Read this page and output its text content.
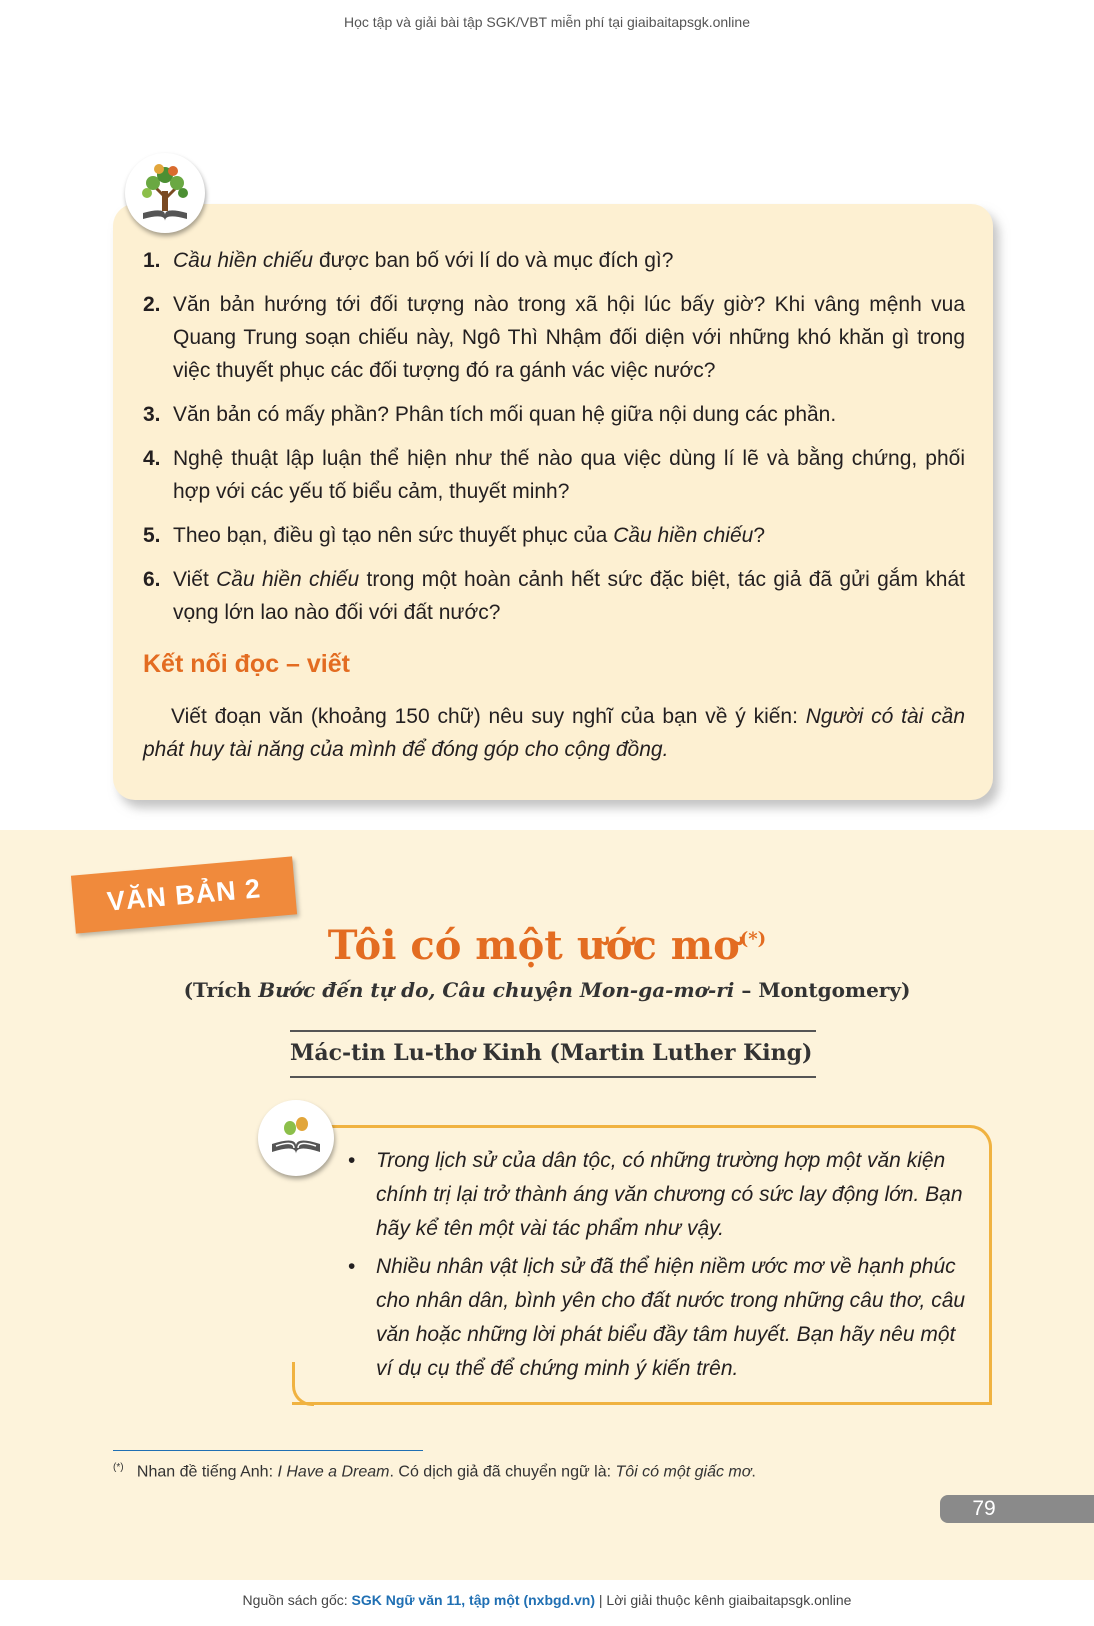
Học tập và giải bài tập SGK/VBT miễn phí tại giaibaitapsgk.online
1. Cầu hiền chiếu được ban bố với lí do và mục đích gì?
2. Văn bản hướng tới đối tượng nào trong xã hội lúc bấy giờ? Khi vâng mệnh vua Quang Trung soạn chiếu này, Ngô Thì Nhậm đối diện với những khó khăn gì trong việc thuyết phục các đối tượng đó ra gánh vác việc nước?
3. Văn bản có mấy phần? Phân tích mối quan hệ giữa nội dung các phần.
4. Nghệ thuật lập luận thể hiện như thế nào qua việc dùng lí lẽ và bằng chứng, phối hợp với các yếu tố biểu cảm, thuyết minh?
5. Theo bạn, điều gì tạo nên sức thuyết phục của Cầu hiền chiếu?
6. Viết Cầu hiền chiếu trong một hoàn cảnh hết sức đặc biệt, tác giả đã gửi gắm khát vọng lớn lao nào đối với đất nước?
Kết nối đọc – viết
Viết đoạn văn (khoảng 150 chữ) nêu suy nghĩ của bạn về ý kiến: Người có tài cần phát huy tài năng của mình để đóng góp cho cộng đồng.
VĂN BẢN 2
Tôi có một ước mơ(*)
(Trích Bước đến tự do, Câu chuyện Mon-ga-mơ-ri – Montgomery)
Mác-tin Lu-thơ Kinh (Martin Luther King)
• Trong lịch sử của dân tộc, có những trường hợp một văn kiện chính trị lại trở thành áng văn chương có sức lay động lớn. Bạn hãy kể tên một vài tác phẩm như vậy.
• Nhiều nhân vật lịch sử đã thể hiện niềm ước mơ về hạnh phúc cho nhân dân, bình yên cho đất nước trong những câu thơ, câu văn hoặc những lời phát biểu đầy tâm huyết. Bạn hãy nêu một ví dụ cụ thể để chứng minh ý kiến trên.
(*) Nhan đề tiếng Anh: I Have a Dream. Có dịch giả đã chuyển ngữ là: Tôi có một giấc mơ.
79
Nguồn sách gốc: SGK Ngữ văn 11, tập một (nxbgd.vn) | Lời giải thuộc kênh giaibaitapsgk.online
